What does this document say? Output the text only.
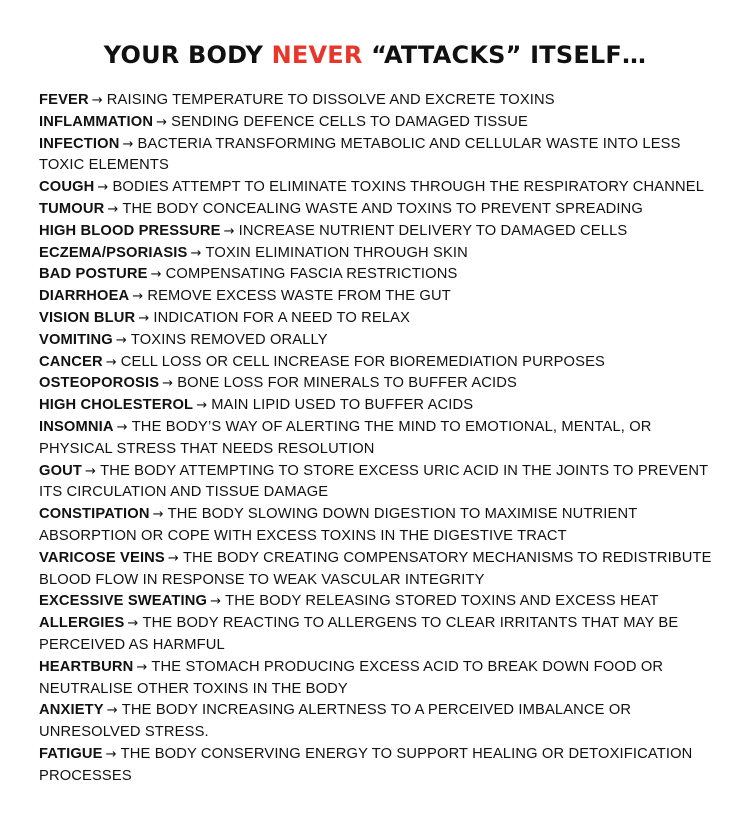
YOUR BODY NEVER “ATTACKS” ITSELF…
FEVER → RAISING TEMPERATURE TO DISSOLVE AND EXCRETE TOXINS
INFLAMMATION → SENDING DEFENCE CELLS TO DAMAGED TISSUE
INFECTION → BACTERIA TRANSFORMING METABOLIC AND CELLULAR WASTE INTO LESS TOXIC ELEMENTS
COUGH → BODIES ATTEMPT TO ELIMINATE TOXINS THROUGH THE RESPIRATORY CHANNEL
TUMOUR → THE BODY CONCEALING WASTE AND TOXINS TO PREVENT SPREADING
HIGH BLOOD PRESSURE → INCREASE NUTRIENT DELIVERY TO DAMAGED CELLS
ECZEMA/PSORIASIS → TOXIN ELIMINATION THROUGH SKIN
BAD POSTURE → COMPENSATING FASCIA RESTRICTIONS
DIARRHOEA → REMOVE EXCESS WASTE FROM THE GUT
VISION BLUR → INDICATION FOR A NEED TO RELAX
VOMITING → TOXINS REMOVED ORALLY
CANCER → CELL LOSS OR CELL INCREASE FOR BIOREMEDIATION PURPOSES
OSTEOPOROSIS → BONE LOSS FOR MINERALS TO BUFFER ACIDS
HIGH CHOLESTEROL → MAIN LIPID USED TO BUFFER ACIDS
INSOMNIA → THE BODY’S WAY OF ALERTING THE MIND TO EMOTIONAL, MENTAL, OR PHYSICAL STRESS THAT NEEDS RESOLUTION
GOUT → THE BODY ATTEMPTING TO STORE EXCESS URIC ACID IN THE JOINTS TO PREVENT ITS CIRCULATION AND TISSUE DAMAGE
CONSTIPATION → THE BODY SLOWING DOWN DIGESTION TO MAXIMISE NUTRIENT ABSORPTION OR COPE WITH EXCESS TOXINS IN THE DIGESTIVE TRACT
VARICOSE VEINS → THE BODY CREATING COMPENSATORY MECHANISMS TO REDISTRIBUTE BLOOD FLOW IN RESPONSE TO WEAK VASCULAR INTEGRITY
EXCESSIVE SWEATING → THE BODY RELEASING STORED TOXINS AND EXCESS HEAT
ALLERGIES → THE BODY REACTING TO ALLERGENS TO CLEAR IRRITANTS THAT MAY BE PERCEIVED AS HARMFUL
HEARTBURN → THE STOMACH PRODUCING EXCESS ACID TO BREAK DOWN FOOD OR NEUTRALISE OTHER TOXINS IN THE BODY
ANXIETY → THE BODY INCREASING ALERTNESS TO A PERCEIVED IMBALANCE OR UNRESOLVED STRESS.
FATIGUE → THE BODY CONSERVING ENERGY TO SUPPORT HEALING OR DETOXIFICATION PROCESSES
